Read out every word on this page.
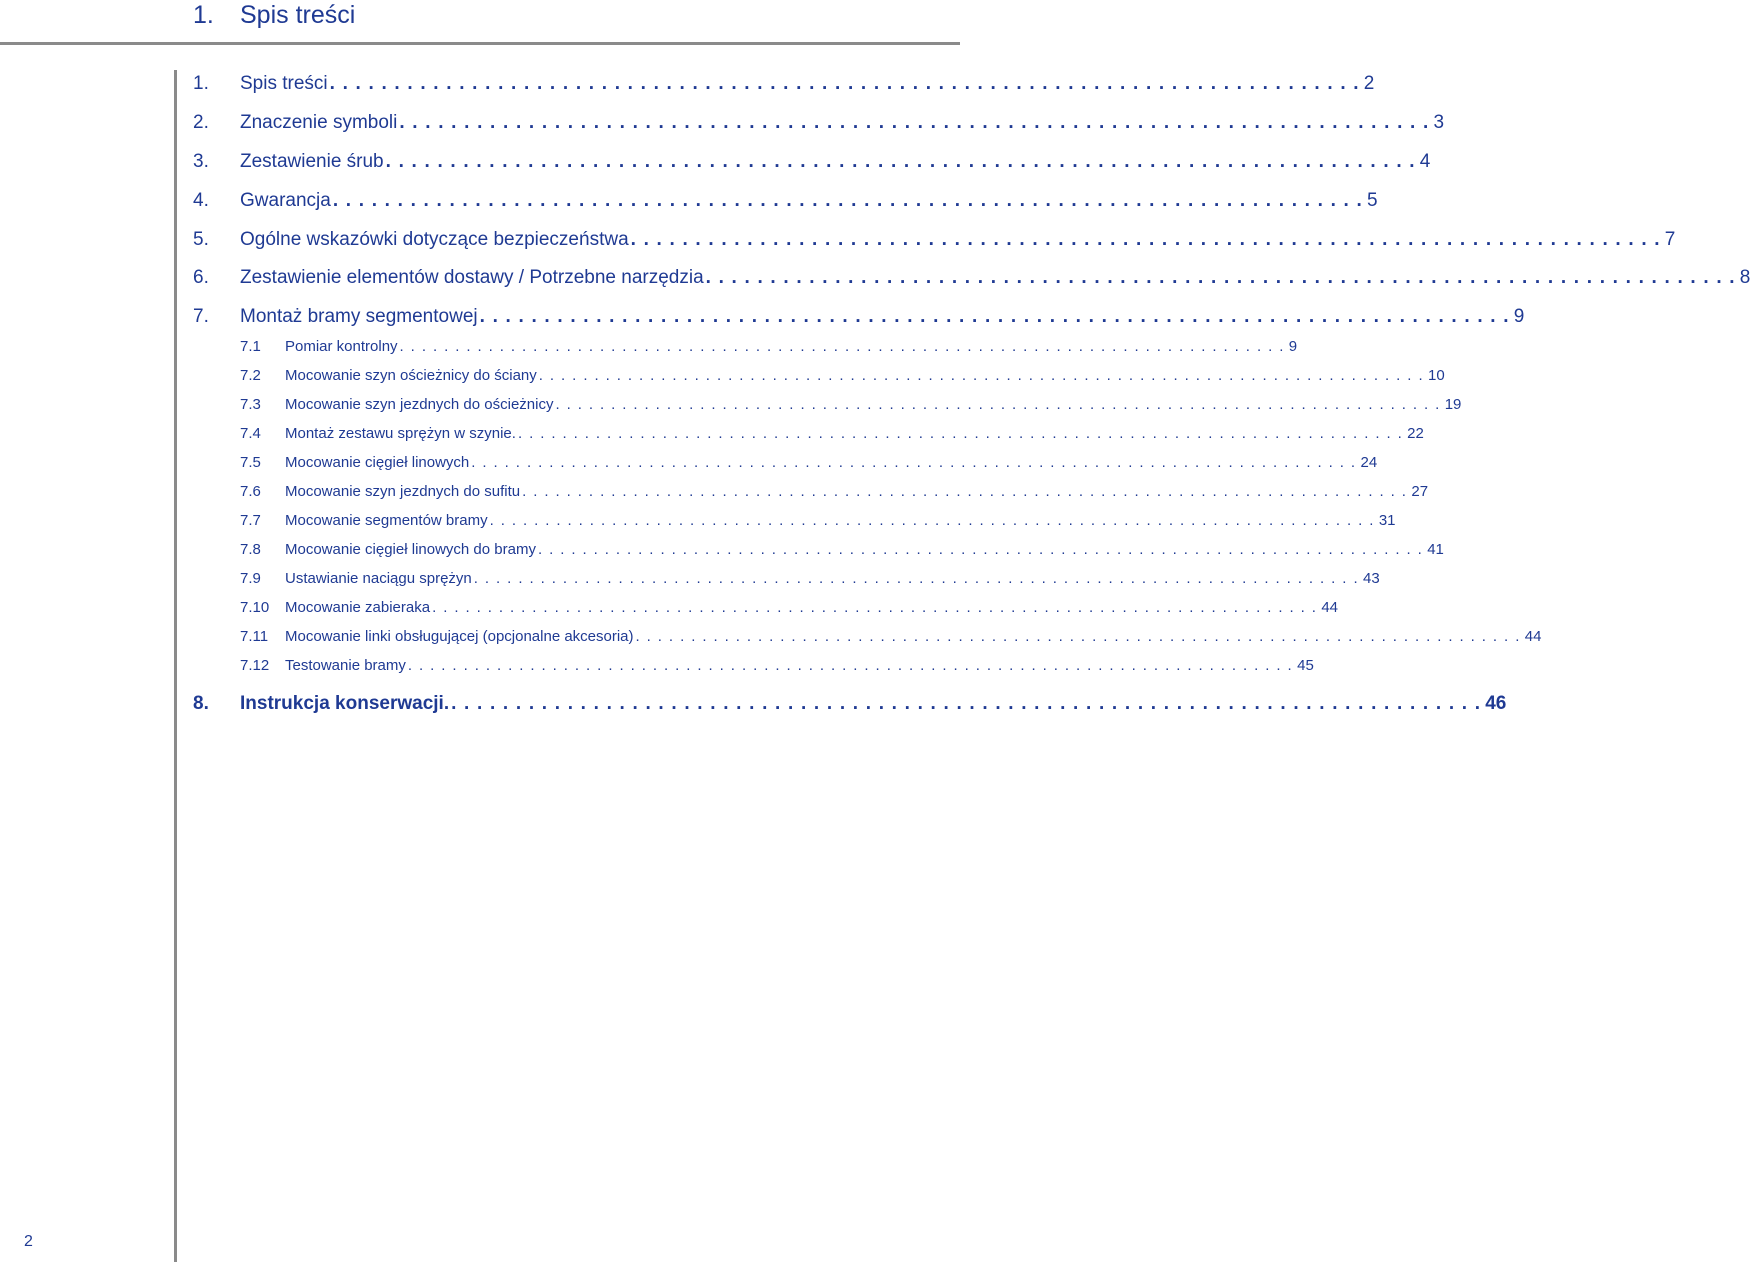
1. Spis treści
1.	Spis treści . . . . . . . . . . . . . . . . . . . . . . . . . . . . . . . . . . . . . . . . . . . . . . . . . . . . . . . . . . . . . . . . . . . . . . . . . . . . . . . . 2
2.	Znaczenie symboli . . . . . . . . . . . . . . . . . . . . . . . . . . . . . . . . . . . . . . . . . . . . . . . . . . . . . . . . . . . . . . . . . . . . . . . . . . . . . . . . 3
3.	Zestawienie śrub . . . . . . . . . . . . . . . . . . . . . . . . . . . . . . . . . . . . . . . . . . . . . . . . . . . . . . . . . . . . . . . . . . . . . . . . . . . . . . . . 4
4.	Gwarancja . . . . . . . . . . . . . . . . . . . . . . . . . . . . . . . . . . . . . . . . . . . . . . . . . . . . . . . . . . . . . . . . . . . . . . . . . . . . . . . . 5
5.	Ogólne wskazówki dotyczące bezpieczeństwa . . . . . . . . . . . . . . . . . . . . . . . . . . . . . . . . . . . . . . . . . . . . . . . . . . . . . . . . . . . . . . . . . . . . . . . . . . . . . . . . 7
6.	Zestawienie elementów dostawy / Potrzebne narzędzia . . . . . . . . . . . . . . . . . . . . . . . . . . . . . . . . . . . . . . . . . . . . . . . . . . . . . . . . . . . . . . . . . . . . . . . . . . . . . . . . 8
7.	Montaż bramy segmentowej . . . . . . . . . . . . . . . . . . . . . . . . . . . . . . . . . . . . . . . . . . . . . . . . . . . . . . . . . . . . . . . . . . . . . . . . . . . . . . . . 9
7.1	Pomiar kontrolny . . . . . . . . . . . . . . . . . . . . . . . . . . . . . . . . . . . . . . . . . . . . . . . . . . . . . . . . . . . . . . . . . . . . . . . . . . . . . . . . 9
7.2	Mocowanie szyn ościeżnicy do ściany . . . . . . . . . . . . . . . . . . . . . . . . . . . . . . . . . . . . . . . . . . . . . . . . . . . . . . . . . . . . . . . . . . . . . . . . . . . . . . . . 10
7.3	Mocowanie szyn jezdnych do ościeżnicy . . . . . . . . . . . . . . . . . . . . . . . . . . . . . . . . . . . . . . . . . . . . . . . . . . . . . . . . . . . . . . . . . . . . . . . . . . . . . . . . 19
7.4	Montaż zestawu sprężyn w szynie. . . . . . . . . . . . . . . . . . . . . . . . . . . . . . . . . . . . . . . . . . . . . . . . . . . . . . . . . . . . . . . . . . . . . . . . . . . . . . . . . 22
7.5	Mocowanie cięgieł linowych . . . . . . . . . . . . . . . . . . . . . . . . . . . . . . . . . . . . . . . . . . . . . . . . . . . . . . . . . . . . . . . . . . . . . . . . . . . . . . . . 24
7.6	Mocowanie szyn jezdnych do sufitu . . . . . . . . . . . . . . . . . . . . . . . . . . . . . . . . . . . . . . . . . . . . . . . . . . . . . . . . . . . . . . . . . . . . . . . . . . . . . . . . 27
7.7	Mocowanie segmentów bramy . . . . . . . . . . . . . . . . . . . . . . . . . . . . . . . . . . . . . . . . . . . . . . . . . . . . . . . . . . . . . . . . . . . . . . . . . . . . . . . . 31
7.8	Mocowanie cięgieł linowych do bramy . . . . . . . . . . . . . . . . . . . . . . . . . . . . . . . . . . . . . . . . . . . . . . . . . . . . . . . . . . . . . . . . . . . . . . . . . . . . . . . . 41
7.9	Ustawianie naciągu sprężyn . . . . . . . . . . . . . . . . . . . . . . . . . . . . . . . . . . . . . . . . . . . . . . . . . . . . . . . . . . . . . . . . . . . . . . . . . . . . . . . . 43
7.10	Mocowanie zabieraka . . . . . . . . . . . . . . . . . . . . . . . . . . . . . . . . . . . . . . . . . . . . . . . . . . . . . . . . . . . . . . . . . . . . . . . . . . . . . . . . 44
7.11	Mocowanie linki obsługującej (opcjonalne akcesoria) . . . . . . . . . . . . . . . . . . . . . . . . . . . . . . . . . . . . . . . . . . . . . . . . . . . . . . . . . . . . . . . . . . . . . . . . . . . . . . . . 44
7.12	Testowanie bramy . . . . . . . . . . . . . . . . . . . . . . . . . . . . . . . . . . . . . . . . . . . . . . . . . . . . . . . . . . . . . . . . . . . . . . . . . . . . . . . . 45
8.	Instrukcja konserwacji. . . . . . . . . . . . . . . . . . . . . . . . . . . . . . . . . . . . . . . . . . . . . . . . . . . . . . . . . . . . . . . . . . . . . . . . . . . . . . . . . 46
2
